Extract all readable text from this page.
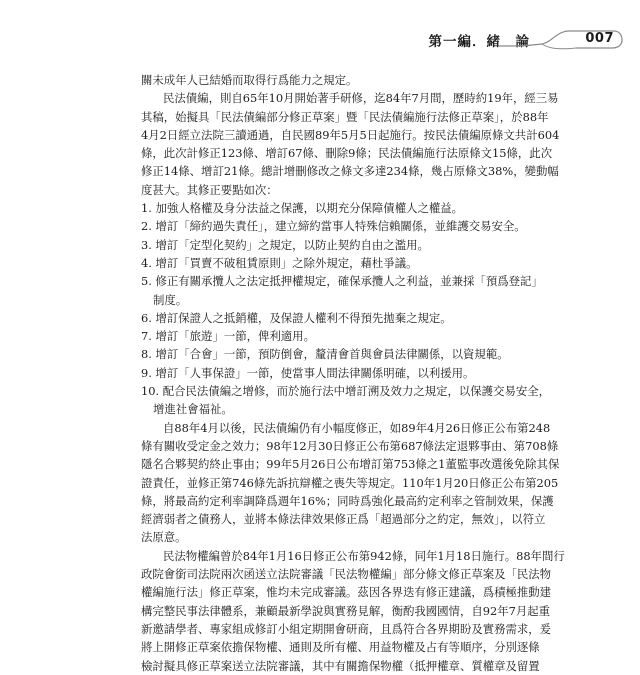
第一編．緒　論	007
關未成年人已結婚而取得行爲能力之規定。
民法債編，則自65年10月開始著手研修，迄84年7月間，歷時約19年，經三易
其稿，始擬具「民法債編部分修正草案」暨「民法債編施行法修正草案」，於88年
4月2日經立法院三讀通過，自民國89年5月5日起施行。按民法債編原條文共計604
條，此次計修正123條、增訂67條、刪除9條；民法債編施行法原條文15條，此次
修正14條、增訂21條。總計增刪修改之條文多達234條，幾占原條文38%，變動幅
度甚大。其修正要點如次：
1. 加強人格權及身分法益之保護，以期充分保障債權人之權益。
2. 增訂「締約過失責任」，建立締約當事人特殊信賴關係，並維護交易安全。
3. 增訂「定型化契約」之規定，以防止契約自由之濫用。
4. 增訂「買賣不破租賃原則」之除外規定，藉杜爭議。
5. 修正有關承攬人之法定抵押權規定，確保承攬人之利益，並兼採「預爲登記」
制度。
6. 增訂保證人之抵銷權，及保證人權利不得預先拋棄之規定。
7. 增訂「旅遊」一節，俾利適用。
8. 增訂「合會」一節，預防倒會，釐清會首與會員法律關係，以資規範。
9. 增訂「人事保證」一節，使當事人間法律關係明確，以利援用。
10. 配合民法債編之增修，而於施行法中增訂溯及效力之規定，以保護交易安全，
增進社會福祉。
自88年4月以後，民法債編仍有小幅度修正，如89年4月26日修正公布第248
條有關收受定金之效力；98年12月30日修正公布第687條法定退夥事由、第708條
隱名合夥契約終止事由；99年5月26日公布增訂第753條之1董監事改選後免除其保
證責任，並修正第746條先訴抗辯權之喪失等規定。110年1月20日修正公布第205
條，將最高約定利率調降爲週年16%；同時爲強化最高約定利率之管制效果，保護
經濟弱者之債務人，並將本條法律效果修正爲「超過部分之約定，無效」，以符立
法原意。
民法物權編曾於84年1月16日修正公布第942條，同年1月18日施行。88年間行
政院會銜司法院兩次函送立法院審議「民法物權編」部分條文修正草案及「民法物
權編施行法」修正草案，惟均未完成審議。茲因各界迭有修正建議，爲積極推動建
構完整民事法律體系，兼顧最新學說與實務見解，衡酌我國國情，自92年7月起重
新邀請學者、專家組成修訂小組定期開會研商，且爲符合各界期盼及實務需求，爰
將上開修正草案依擔保物權、通則及所有權、用益物權及占有等順序，分別逐條
檢討擬具修正草案送立法院審議，其中有關擔保物權（抵押權章、質權章及留置
